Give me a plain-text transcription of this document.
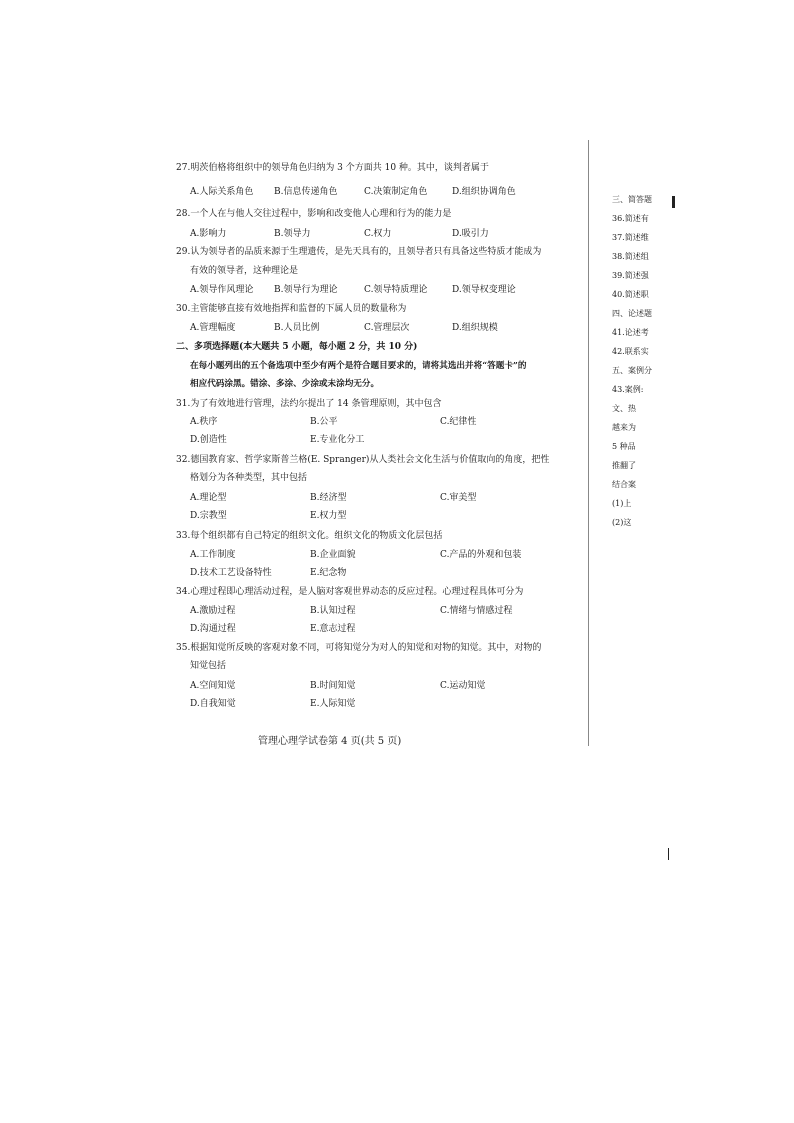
27.明茨伯格将组织中的领导角色归纳为 3 个方面共 10 种。其中，谈判者属于
A.人际关系角色 B.信息传递角色	C.决策制定角色	D.组织协调角色
28.一个人在与他人交往过程中，影响和改变他人心理和行为的能力是
A.影响力	B.领导力	C.权力	D.吸引力
29.认为领导者的品质来源于生理遗传，是先天具有的，且领导者只有具备这些特质才能成为
有效的领导者，这种理论是
A.领导作风理论 B.领导行为理论	C.领导特质理论	D.领导权变理论
30.主管能够直接有效地指挥和监督的下属人员的数量称为
A.管理幅度	B.人员比例	C.管理层次	D.组织规模
二、多项选择题(本大题共 5 小题，每小题 2 分，共 10 分)
在每小题列出的五个备选项中至少有两个是符合题目要求的，请将其选出并将“答题卡”的
相应代码涂黑。错涂、多涂、少涂或未涂均无分。
31.为了有效地进行管理，法约尔提出了 14 条管理原则，其中包含
A.秩序	B.公平	C.纪律性
D.创造性	E.专业化分工
32.德国教育家、哲学家斯普兰格(E. Spranger)从人类社会文化生活与价值取向的角度，把性
格划分为各种类型，其中包括
A.理论型	B.经济型	C.审美型
D.宗教型	E.权力型
33.每个组织都有自己特定的组织文化。组织文化的物质文化层包括
A.工作制度	B.企业面貌	C.产品的外观和包装
D.技术工艺设备特性	E.纪念物
34.心理过程即心理活动过程，是人脑对客观世界动态的反应过程。心理过程具体可分为
A.激励过程	B.认知过程	C.情绪与情感过程
D.沟通过程	E.意志过程
35.根据知觉所反映的客观对象不同，可将知觉分为对人的知觉和对物的知觉。其中，对物的
知觉包括
A.空间知觉	B.时间知觉	C.运动知觉
D.自我知觉	E.人际知觉
管理心理学试卷第 4 页(共 5 页)
三、简答题
36.简述有
37.简述维
38.简述组
39.简述强
40.简述职
四、论述题
41.论述考
42.联系实
五、案例分
43.案例:
文、热
越来为
5 种品
推翻了
结合案
(1)上
(2)这
